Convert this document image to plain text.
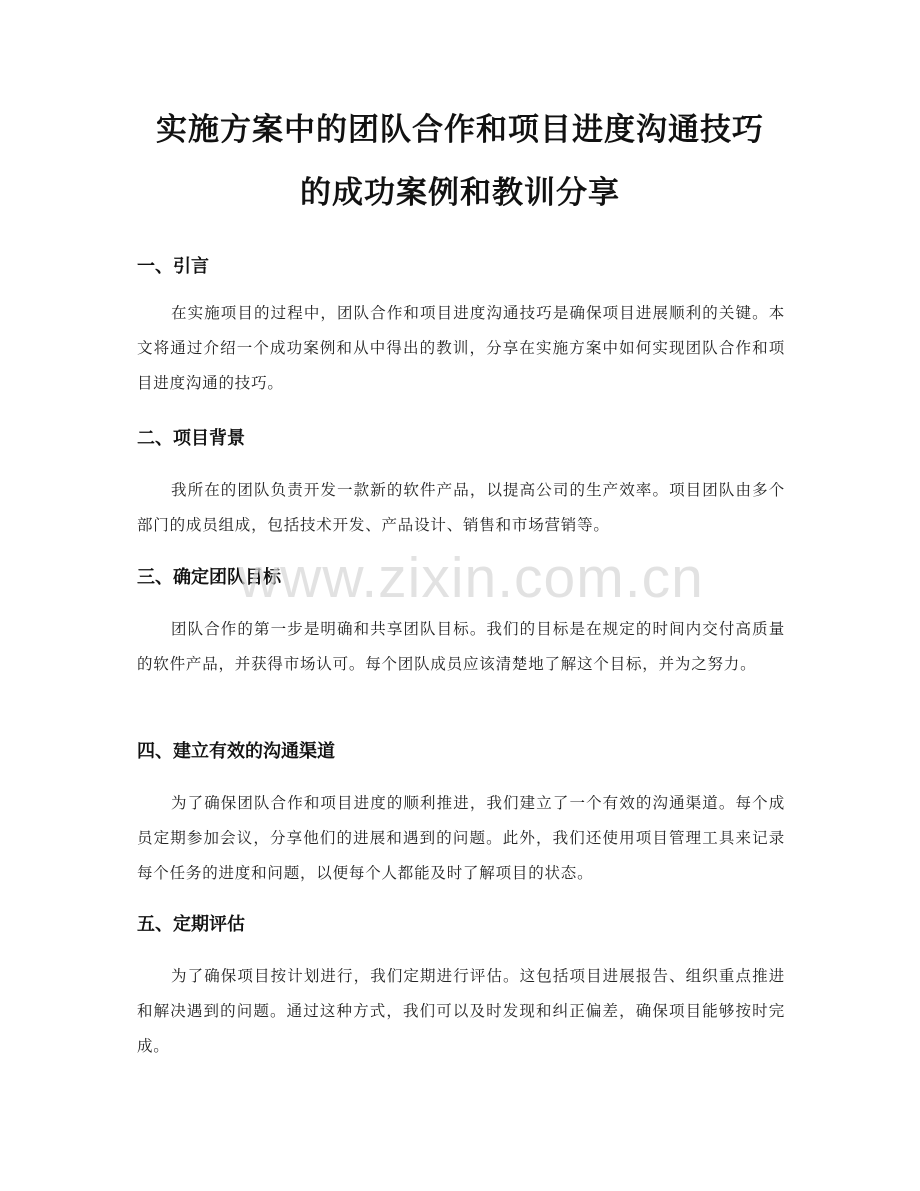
实施方案中的团队合作和项目进度沟通技巧
的成功案例和教训分享
一、引言

在实施项目的过程中，团队合作和项目进度沟通技巧是确保项目进展顺利的关键。本文将通过介绍一个成功案例和从中得出的教训，分享在实施方案中如何实现团队合作和项目进度沟通的技巧。

二、项目背景

我所在的团队负责开发一款新的软件产品，以提高公司的生产效率。项目团队由多个部门的成员组成，包括技术开发、产品设计、销售和市场营销等。

三、确定团队目标

团队合作的第一步是明确和共享团队目标。我们的目标是在规定的时间内交付高质量的软件产品，并获得市场认可。每个团队成员应该清楚地了解这个目标，并为之努力。

四、建立有效的沟通渠道

为了确保团队合作和项目进度的顺利推进，我们建立了一个有效的沟通渠道。每个成员定期参加会议，分享他们的进展和遇到的问题。此外，我们还使用项目管理工具来记录每个任务的进度和问题，以便每个人都能及时了解项目的状态。

五、定期评估

为了确保项目按计划进行，我们定期进行评估。这包括项目进展报告、组织重点推进和解决遇到的问题。通过这种方式，我们可以及时发现和纠正偏差，确保项目能够按时完成。

www.zixin.com.cn
